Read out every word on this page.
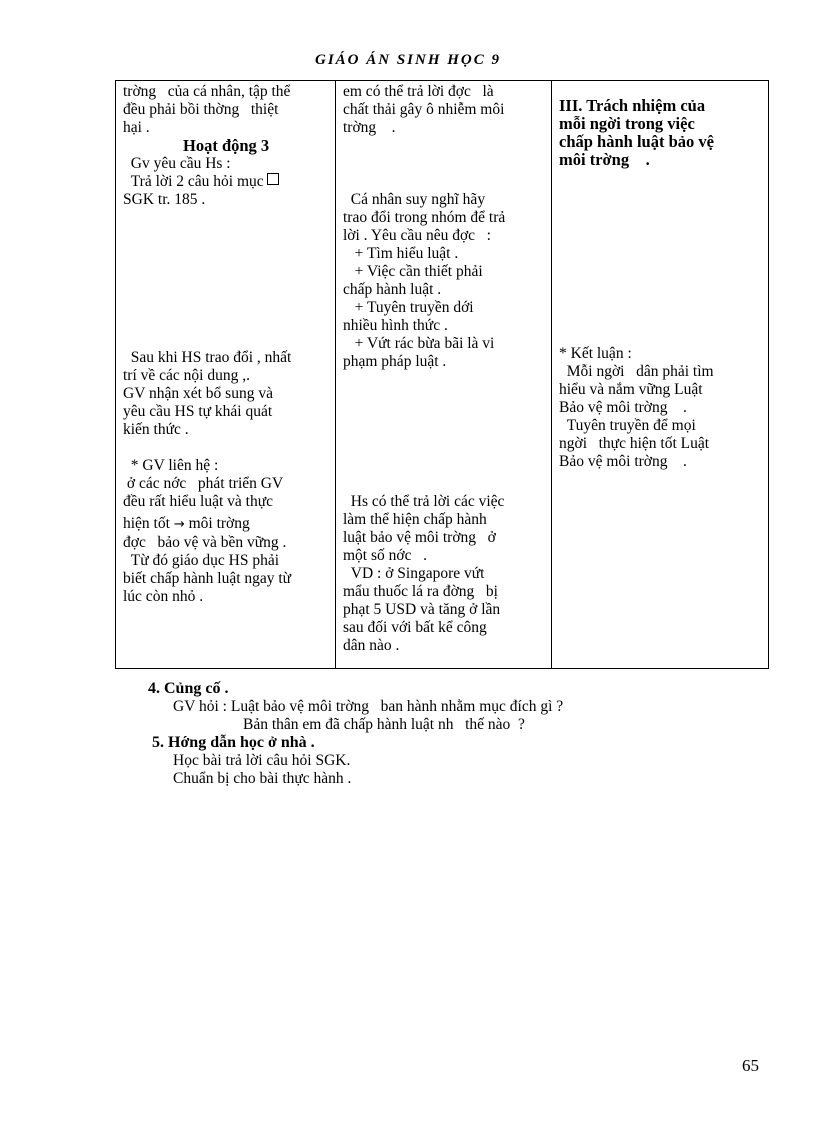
GIÁO ÁN SINH HỌC 9
trờng   của cá nhân, tập thể
đều phải bồi thờng   thiệt
hại .
Hoạt động 3
Gv yêu cầu Hs :
Trả lời 2 câu hỏi mục
SGK tr. 185 .
Sau khi HS trao đổi , nhất
trí về các nội dung ,.
GV nhận xét bổ sung và
yêu cầu HS tự khái quát
kiến thức .
* GV liên hệ :
ở các nớc   phát triển GV
đều rất hiểu luật và thực
hiện tốt → môi trờng
đợc   bảo vệ và bền vững .
Từ đó giáo dục HS phải
biết chấp hành luật ngay từ
lúc còn nhỏ .

em có thể trả lời đợc   là
chất thải gây ô nhiễm môi
trờng    .
Cá nhân suy nghĩ hãy
trao đổi trong nhóm để trả
lời . Yêu cầu nêu đợc   :
+ Tìm hiểu luật .
+ Việc cần thiết phải
chấp hành luật .
+ Tuyên truyền dới
nhiều hình thức .
+ Vứt rác bừa bãi là vi
phạm pháp luật .
Hs có thể trả lời các việc
làm thể hiện chấp hành
luật bảo vệ môi trờng   ở
một số nớc   .
VD : ở Singapore vứt
mẩu thuốc lá ra đờng   bị
phạt 5 USD và tăng ở lần
sau đối với bất kể công
dân nào .

III. Trách nhiệm của
mỗi ngời trong việc
chấp hành luật bảo vệ
môi trờng    .
* Kết luận :
Mỗi ngời   dân phải tìm
hiểu và nắm vững Luật
Bảo vệ môi trờng    .
Tuyên truyền để mọi
ngời   thực hiện tốt Luật
Bảo vệ môi trờng    .
4. Củng cố .
GV hỏi : Luật bảo vệ môi trờng   ban hành nhằm mục đích gì ?
Bản thân em đã chấp hành luật nh   thế nào  ?
5. Hớng dẫn học ở nhà .
Học bài trả lời câu hỏi SGK.
Chuẩn bị cho bài thực hành .
65
